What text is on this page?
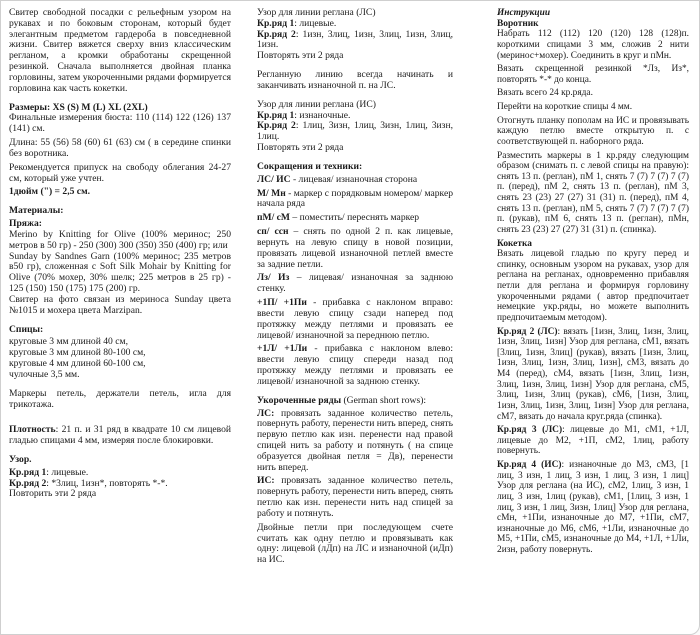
Свитер свободной посадки с рельефным узором на рукавах и по боковым сторонам, который будет элегантным предметом гардероба в повседневной жизни. Свитер вяжется сверху вниз классическим регланом, а кромки обработаны скрещенной резинкой. Сначала выполняется двойная планка горловины, затем укороченными рядами формируется горловина как часть кокетки.

Размеры: XS (S) M (L) XL (2XL)

Финальные измерения бюста: 110 (114) 122 (126) 137 (141) см.

Длина: 55 (56) 58 (60) 61 (63) см ( в середине спинки без воротника.

Рекомендуется припуск на свободу облегания 24-27 см, который уже учтен.

1дюйм (") = 2,5 см.

Материалы:

Пряжа:

Merino by Knitting for Olive (100% меринос; 250 метров в 50 гр) - 250 (300) 300 (350) 350 (400) гр; или

Sunday by Sandnes Garn (100% меринос; 235 метров в50 гр), сложенная с Soft Silk Mohair by Knitting for Olive (70% мохер, 30% шелк; 225 метров в 25 гр) - 125 (150) 150 (175) 175 (200) гр.

Свитер на фото связан из мериноса Sunday цвета №1015 и мохера цвета Marzipan.

Спицы:

круговые 3 мм длиной 40 см,

круговые 3 мм длиной 80-100 см,

круговые 4 мм длиной 60-100 см,

чулочные 3,5 мм.

Маркеры петель, держатели петель, игла для трикотажа.

Плотность: 21 п. и 31 ряд в квадрате 10 см лицевой гладью спицами 4 мм, измеряя после блокировки.

Узор.

Кр.ряд 1: лицевые.

Кр.ряд 2: *3лиц, 1изн*, повторять *-*.

Повторить эти 2 ряда

Узор для линии реглана (ЛС)

Кр.ряд 1: лицевые.

Кр.ряд 2: 1изн, 3лиц, 1изн, 3лиц, 1изн, 3лиц, 1изн.

Повторять эти 2 ряда

Регланную линию всегда начинать и заканчивать изнаночной п. на ЛС.

Узор для линии реглана (ИС)

Кр.ряд 1: изнаночные.

Кр.ряд 2: 1лиц, 3изн, 1лиц, 3изн, 1лиц, 3изн, 1лиц.

Повторять эти 2 ряда

Сокращения и техники:

ЛС/ ИС - лицевая/ изнаночная сторона

М/ Мн - маркер с порядковым номером/ маркер начала ряда

пМ/ сМ – поместить/ переснять маркер

сп/ ссн – снять по одной 2 п. как лицевые, вернуть на левую спицу в новой позиции, провязать лицевой изнаночной петлей вместе за задние петли.

Лз/ Из – лицевая/ изнаночная за заднюю стенку.

+1П/ +1Пи - прибавка с наклоном вправо: ввести левую спицу сзади наперед под протяжку между петлями и провязать ее лицевой/ изнаночной за переднюю петлю.

+1Л/ +1Ли - прибавка с наклоном влево: ввести левую спицу спереди назад под протяжку между петлями и провязать ее лицевой/ изнаночной за заднюю стенку.

Укороченные ряды (German short rows):

ЛС: провязать заданное количество петель, повернуть работу, перенести нить вперед, снять первую петлю как изн. перенести над правой спицей нить за работу и потянуть ( на спице образуется двойная петля = Дв), перенести нить вперед.

ИС: провязать заданное количество петель, повернуть работу, перенести нить вперед, снять петлю как изн. перенести нить над спицей за работу и потянуть.

Двойные петли при последующем счете считать как одну петлю и провязывать как одну: лицевой (лДп) на ЛС и изнаночной (иДп) на ИС.

Инструкции

Воротник

Набрать 112 (112) 120 (120) 128 (128)п. короткими спицами 3 мм, сложив 2 нити (меринос+мохер). Соединить в круг и пМн.

Вязать скрещенной резинкой *Лз, Из*, повторять *-* до конца.

Вязать всего 24 кр.ряда.

Перейти на короткие спицы 4 мм.

Отогнуть планку пополам на ИС и провязывать каждую петлю вместе открытую п. с соответствующей п. наборного ряда.

Разместить маркеры в 1 кр.ряду следующим образом (снимать п. с левой спицы на правую): снять 13 п. (реглан), пМ 1, снять 7 (7) 7 (7) 7 (7) п. (перед), пМ 2, снять 13 п. (реглан), пМ 3, снять 23 (23) 27 (27) 31 (31) п. (перед), пМ 4, снять 13 п. (реглан), пМ 5, снять 7 (7) 7 (7) 7 (7) п. (рукав), пМ 6, снять 13 п. (реглан), пМн, снять 23 (23) 27 (27) 31 (31) п. (спинка).

Кокетка

Вязать лицевой гладью по кругу перед и спинку, основным узором на рукавах, узор для реглана на регланах, одновременно прибавляя петли для реглана и формируя горловину укороченными рядами ( автор предпочитает немецкие укр.ряды, но можете выполнить предпочитаемым методом).

Кр.ряд 2 (ЛС): вязать [1изн, 3лиц, 1изн, 3лиц, 1изн, 3лиц, 1изн] Узор для реглана, сМ1, вязать [3лиц, 1изн, 3лиц] (рукав), вязать [1изн, 3лиц, 1изн, 3лиц, 1изн, 3лиц, 1изн], сМ3, вязать до М4 (перед), сМ4, вязать [1изн, 3лиц, 1изн, 3лиц, 1изн, 3лиц, 1изн] Узор для реглана, сМ5, 3лиц, 1изн, 3лиц (рукав), сМ6, [1изн, 3лиц, 1изн, 3лиц, 1изн, 3лиц, 1изн] Узор для реглана, сМ7, вязать до начала круг.ряда (спинка).

Кр.ряд 3 (ЛС): лицевые до М1, сМ1, +1Л, лицевые до М2, +1П, сМ2, 1лиц, работу повернуть.

Кр.ряд 4 (ИС): изнаночные до М3, сМ3, [1 лиц, 3 изн, 1 лиц, 3 изн, 1 лиц, 3 изн, 1 лиц] Узор для реглана (на ИС), сМ2, 1лиц, 3 изн, 1 лиц, 3 изн, 1лиц (рукав), сМ1, [1лиц, 3 изн, 1 лиц, 3 изн, 1 лиц, 3изн, 1лиц] Узор для реглана, сМн, +1Пи, изнаночные до М7, +1Пи, сМ7, изнаночные до М6, сМ6, +1Ли, изнаночные до М5, +1Пи, сМ5, изнаночные до М4, +1Л, +1Ли, 2изн, работу повернуть.
